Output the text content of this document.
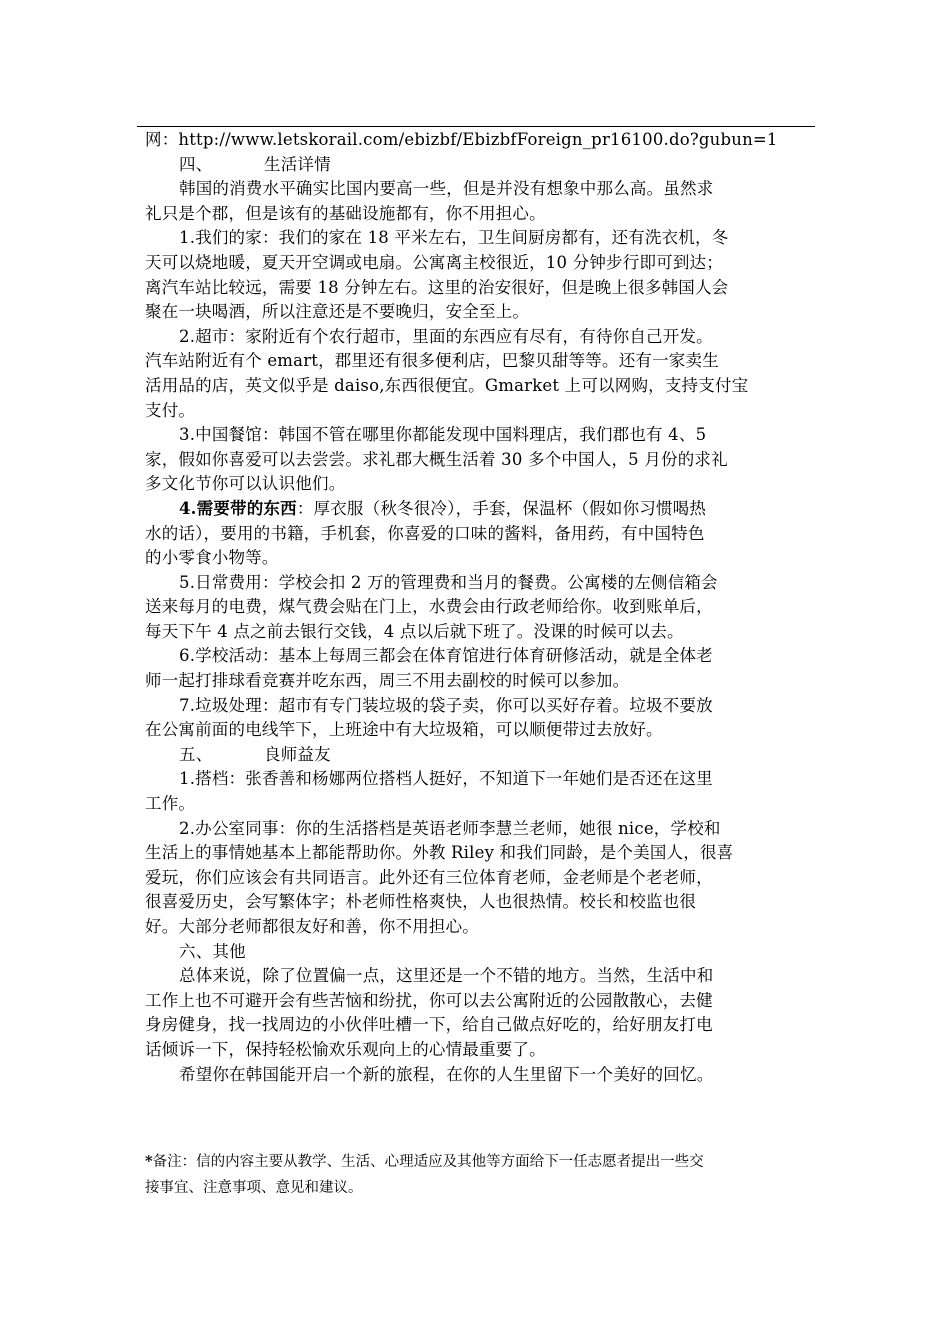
网：http://www.letskorail.com/ebizbf/EbizbfForeign_pr16100.do?gubun=1
四、	生活详情
韩国的消费水平确实比国内要高一些，但是并没有想象中那么高。虽然求
礼只是个郡，但是该有的基础设施都有，你不用担心。
1.我们的家：我们的家在 18 平米左右，卫生间厨房都有，还有洗衣机，冬
天可以烧地暖，夏天开空调或电扇。公寓离主校很近，10 分钟步行即可到达；
离汽车站比较远，需要 18 分钟左右。这里的治安很好，但是晚上很多韩国人会
聚在一块喝酒，所以注意还是不要晚归，安全至上。
2.超市：家附近有个农行超市，里面的东西应有尽有，有待你自己开发。
汽车站附近有个 emart，郡里还有很多便利店，巴黎贝甜等等。还有一家卖生
活用品的店，英文似乎是 daiso,东西很便宜。Gmarket 上可以网购，支持支付宝
支付。
3.中国餐馆：韩国不管在哪里你都能发现中国料理店，我们郡也有 4、5
家，假如你喜爱可以去尝尝。求礼郡大概生活着 30 多个中国人，5 月份的求礼
多文化节你可以认识他们。
4.需要带的东西：厚衣服（秋冬很冷），手套，保温杯（假如你习惯喝热
水的话），要用的书籍，手机套，你喜爱的口味的酱料，备用药，有中国特色
的小零食小物等。
5.日常费用：学校会扣 2 万的管理费和当月的餐费。公寓楼的左侧信箱会
送来每月的电费，煤气费会贴在门上，水费会由行政老师给你。收到账单后，
每天下午 4 点之前去银行交钱，4 点以后就下班了。没课的时候可以去。
6.学校活动：基本上每周三都会在体育馆进行体育研修活动，就是全体老
师一起打排球看竞赛并吃东西，周三不用去副校的时候可以参加。
7.垃圾处理：超市有专门装垃圾的袋子卖，你可以买好存着。垃圾不要放
在公寓前面的电线竿下，上班途中有大垃圾箱，可以顺便带过去放好。
五、	良师益友
1.搭档：张香善和杨娜两位搭档人挺好，不知道下一年她们是否还在这里
工作。
2.办公室同事：你的生活搭档是英语老师李慧兰老师，她很 nice，学校和
生活上的事情她基本上都能帮助你。外教 Riley 和我们同龄，是个美国人，很喜
爱玩，你们应该会有共同语言。此外还有三位体育老师，金老师是个老老师，
很喜爱历史，会写繁体字；朴老师性格爽快，人也很热情。校长和校监也很
好。大部分老师都很友好和善，你不用担心。
六、其他
总体来说，除了位置偏一点，这里还是一个不错的地方。当然，生活中和
工作上也不可避开会有些苦恼和纷扰，你可以去公寓附近的公园散散心，去健
身房健身，找一找周边的小伙伴吐槽一下，给自己做点好吃的，给好朋友打电
话倾诉一下，保持轻松愉欢乐观向上的心情最重要了。
希望你在韩国能开启一个新的旅程，在你的人生里留下一个美好的回忆。
*备注：信的内容主要从教学、生活、心理适应及其他等方面给下一任志愿者提出一些交
接事宜、注意事项、意见和建议。
